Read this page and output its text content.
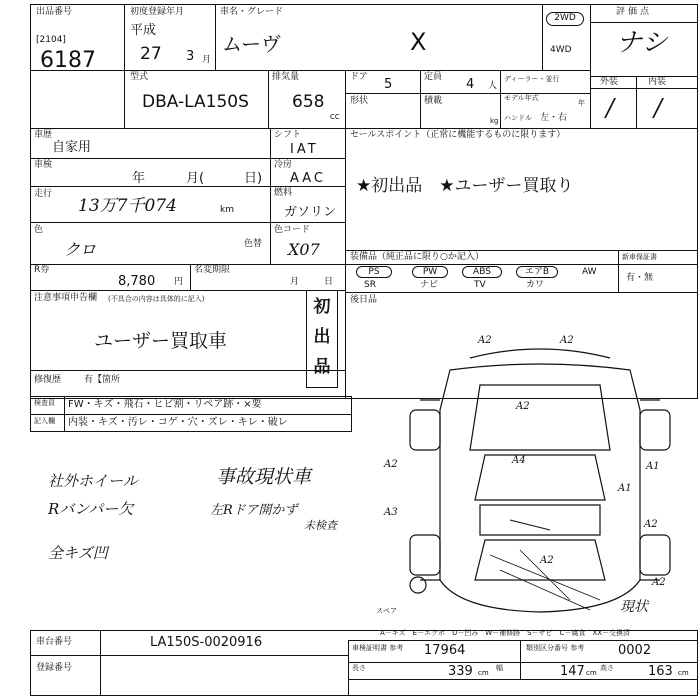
出品番号
[2104]
6187
初度登録年月
平成
27 3 月
車名・グレード
ムーヴ	X
2WD
4WD
評価点
ナシ
外装	内装
/ /
型式
DBA-LA150S
排気量
658
CC
ドア 5	定員 4 人
ディーラー・並行
形状	積載
kg
モデル年式
年
ハンドル 左・右
車歴
自家用
シフト
IAT
車検
年	月(	日)
冷房
AAC
走行
13万7千074	km
燃料
ガソリン
色
クロ	色替
色コード
X07
R券
8,780 円
名変期限
月	日
セールスポイント（正常に機能するものに限ります）
★初出品　★ユーザー買取り
装備品（純正品に限り○か記入）	新車保証書
PS	PW	ABS	エアB	AW
SR	ナビ	TV	カワ
有・無
注意事項申告欄 (不具合の内容は具体的に記入)
ユーザー買取車
初
出
品
修復歴	有【箇所
検査員
記入欄
FW・キズ・飛石・ヒビ割・リペア跡・×要
内装・キズ・汚レ・コゲ・穴・ズレ・キレ・破レ
社外ホイール
Rバンパー欠
全キズ凹
事故現状車
左Rドア開かず
未検査
後日品
A2	A2
A2
A4
A2	A1
A2
A3
A1
A2
A2
現状
スペア
A－キズ　E－エクボ　U－凹み　W－補修跡　S－サビ　C－腐食　XX－交換済
車台番号	LA150S-0020916
登録番号
車検証明書 参考 17964	類別区分番号 参考	0002
長さ	339 cm
幅	147 cm
高さ	163 cm
